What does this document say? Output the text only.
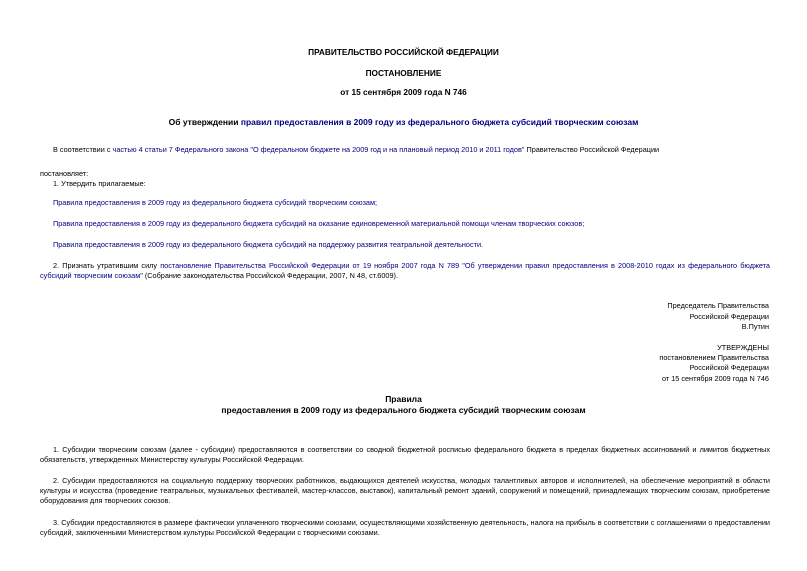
ПРАВИТЕЛЬСТВО РОССИЙСКОЙ ФЕДЕРАЦИИ
ПОСТАНОВЛЕНИЕ
от 15 сентября 2009 года N 746
Об утверждении правил предоставления в 2009 году из федерального бюджета субсидий творческим союзам
В соответствии с частью 4 статьи 7 Федерального закона "О федеральном бюджете на 2009 год и на плановый период 2010 и 2011 годов" Правительство Российской Федерации
постановляет:
1. Утвердить прилагаемые:
Правила предоставления в 2009 году из федерального бюджета субсидий творческим союзам;
Правила предоставления в 2009 году из федерального бюджета субсидий на оказание единовременной материальной помощи членам творческих союзов;
Правила предоставления в 2009 году из федерального бюджета субсидий на поддержку развития театральной деятельности.
2. Признать утратившим силу постановление Правительства Российской Федерации от 19 ноября 2007 года N 789 "Об утверждении правил предоставления в 2008-2010 годах из федерального бюджета субсидий творческим союзам" (Собрание законодательства Российской Федерации, 2007, N 48, ст.6009).
Председатель Правительства
Российской Федерации
В.Путин
УТВЕРЖДЕНЫ
постановлением Правительства
Российской Федерации
от 15 сентября 2009 года N 746
Правила
предоставления в 2009 году из федерального бюджета субсидий творческим союзам
1. Субсидии творческим союзам (далее - субсидии) предоставляются в соответствии со сводной бюджетной росписью федерального бюджета в пределах бюджетных ассигнований и лимитов бюджетных обязательств, утвержденных Министерству культуры Российской Федерации.
2. Субсидии предоставляются на социальную поддержку творческих работников, выдающихся деятелей искусства, молодых талантливых авторов и исполнителей, на обеспечение мероприятий в области культуры и искусства (проведение театральных, музыкальных фестивалей, мастер-классов, выставок), капитальный ремонт зданий, сооружений и помещений, принадлежащих творческим союзам, приобретение оборудования для творческих союзов.
3. Субсидии предоставляются в размере фактически уплаченного творческими союзами, осуществляющими хозяйственную деятельность, налога на прибыль в соответствии с соглашениями о предоставлении субсидий, заключенными Министерством культуры Российской Федерации с творческими союзами.
